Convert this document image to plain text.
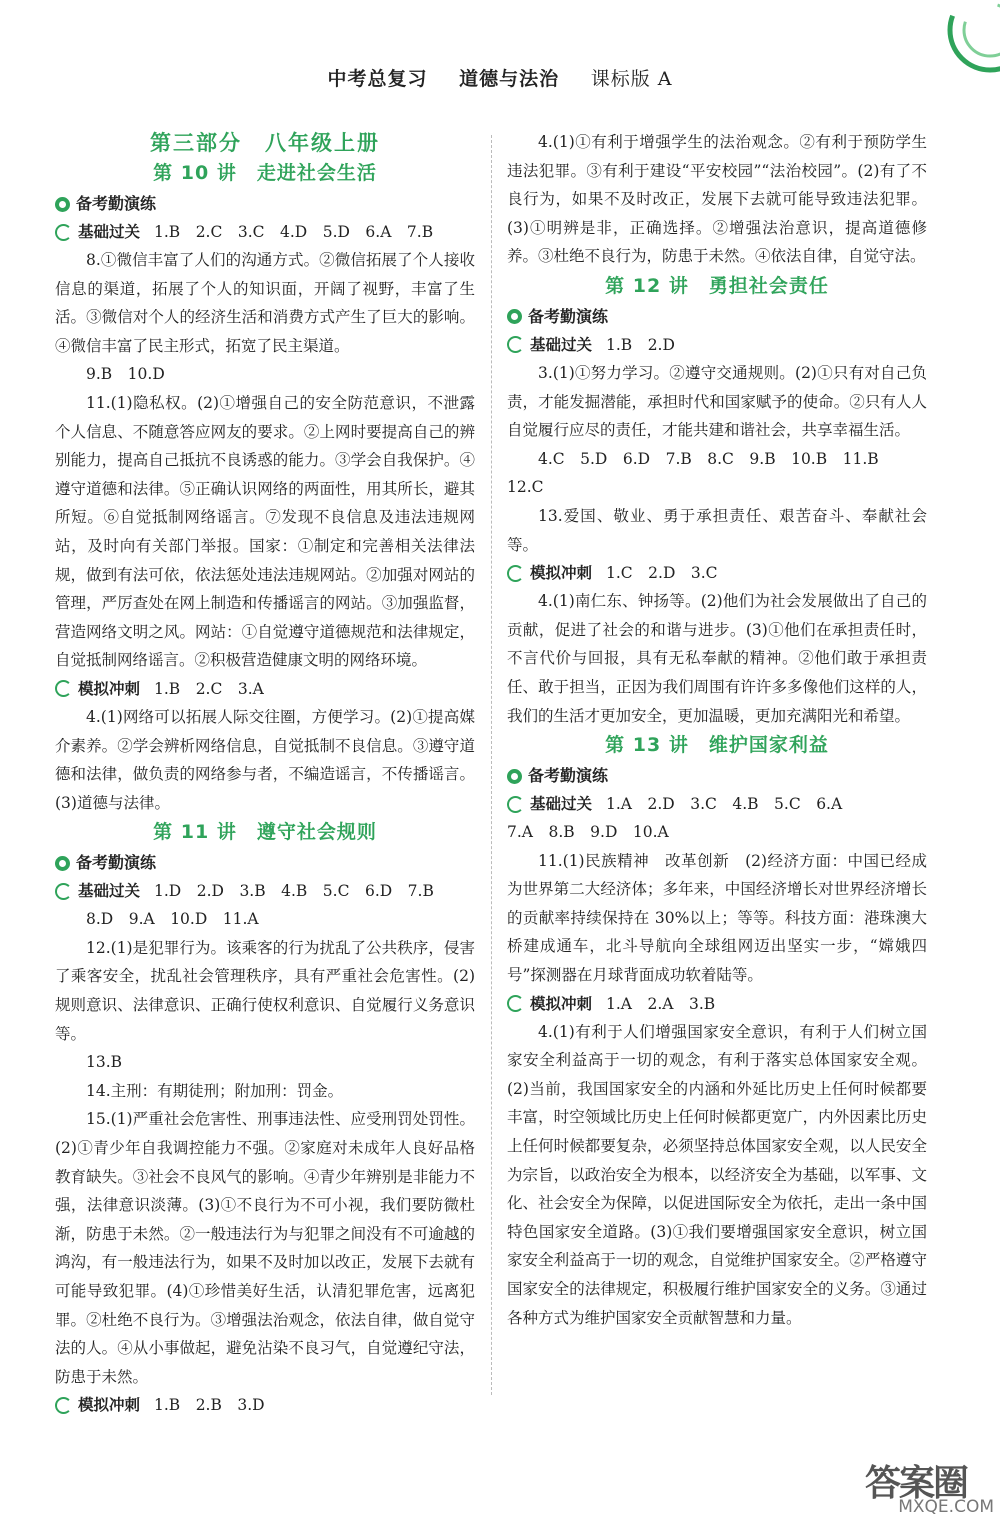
中考总复习 道德与法治 课标版 A
第三部分　八年级上册
第 10 讲　走进社会生活
备考勤演练
基础过关 1.B　2.C　3.C　4.D　5.D　6.A　7.B

8.①微信丰富了人们的沟通方式。②微信拓展了个人接收信息的渠道，拓展了个人的知识面，开阔了视野，丰富了生活。③微信对个人的经济生活和消费方式产生了巨大的影响。④微信丰富了民主形式，拓宽了民主渠道。

9.B　10.D

11.(1)隐私权。(2)①增强自己的安全防范意识，不泄露个人信息、不随意答应网友的要求。②上网时要提高自己的辨别能力，提高自己抵抗不良诱惑的能力。③学会自我保护。④遵守道德和法律。⑤正确认识网络的两面性，用其所长，避其所短。⑥自觉抵制网络谣言。⑦发现不良信息及违法违规网站，及时向有关部门举报。国家：①制定和完善相关法律法规，做到有法可依，依法惩处违法违规网站。②加强对网站的管理，严厉查处在网上制造和传播谣言的网站。③加强监督，营造网络文明之风。网站：①自觉遵守道德规范和法律规定，自觉抵制网络谣言。②积极营造健康文明的网络环境。

模拟冲刺 1.B　2.C　3.A

4.(1)网络可以拓展人际交往圈，方便学习。(2)①提高媒介素养。②学会辨析网络信息，自觉抵制不良信息。③遵守道德和法律，做负责的网络参与者，不编造谣言，不传播谣言。(3)道德与法律。

第 11 讲　遵守社会规则
备考勤演练
基础过关 1.D　2.D　3.B　4.B　5.C　6.D　7.B

8.D　9.A　10.D　11.A

12.(1)是犯罪行为。该乘客的行为扰乱了公共秩序，侵害了乘客安全，扰乱社会管理秩序，具有严重社会危害性。(2)规则意识、法律意识、正确行使权利意识、自觉履行义务意识等。

13.B

14.主刑：有期徒刑；附加刑：罚金。

15.(1)严重社会危害性、刑事违法性、应受刑罚处罚性。(2)①青少年自我调控能力不强。②家庭对未成年人良好品格教育缺失。③社会不良风气的影响。④青少年辨别是非能力不强，法律意识淡薄。(3)①不良行为不可小视，我们要防微杜渐，防患于未然。②一般违法行为与犯罪之间没有不可逾越的鸿沟，有一般违法行为，如果不及时加以改正，发展下去就有可能导致犯罪。(4)①珍惜美好生活，认清犯罪危害，远离犯罪。②杜绝不良行为。③增强法治观念，依法自律，做自觉守法的人。④从小事做起，避免沾染不良习气，自觉遵纪守法，防患于未然。

模拟冲刺 1.B　2.B　3.D

4.(1)①有利于增强学生的法治观念。②有利于预防学生违法犯罪。③有利于建设“平安校园”“法治校园”。(2)有了不良行为，如果不及时改正，发展下去就可能导致违法犯罪。(3)①明辨是非，正确选择。②增强法治意识，提高道德修养。③杜绝不良行为，防患于未然。④依法自律，自觉守法。

第 12 讲　勇担社会责任
备考勤演练
基础过关 1.B　2.D

3.(1)①努力学习。②遵守交通规则。(2)①只有对自己负责，才能发掘潜能，承担时代和国家赋予的使命。②只有人人自觉履行应尽的责任，才能共建和谐社会，共享幸福生活。

4.C　5.D　6.D　7.B　8.C　9.B　10.B　11.B

12.C

13.爱国、敬业、勇于承担责任、艰苦奋斗、奉献社会等。

模拟冲刺 1.C　2.D　3.C

4.(1)南仁东、钟扬等。(2)他们为社会发展做出了自己的贡献，促进了社会的和谐与进步。(3)①他们在承担责任时，不言代价与回报，具有无私奉献的精神。②他们敢于承担责任、敢于担当，正因为我们周围有许许多多像他们这样的人，我们的生活才更加安全，更加温暖，更加充满阳光和希望。

第 13 讲　维护国家利益
备考勤演练
基础过关 1.A　2.D　3.C　4.B　5.C　6.A

7.A　8.B　9.D　10.A

11.(1)民族精神　改革创新　(2)经济方面：中国已经成为世界第二大经济体；多年来，中国经济增长对世界经济增长的贡献率持续保持在 30%以上；等等。科技方面：港珠澳大桥建成通车，北斗导航向全球组网迈出坚实一步，“嫦娥四号”探测器在月球背面成功软着陆等。

模拟冲刺 1.A　2.A　3.B

4.(1)有利于人们增强国家安全意识，有利于人们树立国家安全利益高于一切的观念，有利于落实总体国家安全观。(2)当前，我国国家安全的内涵和外延比历史上任何时候都要丰富，时空领域比历史上任何时候都更宽广，内外因素比历史上任何时候都要复杂，必须坚持总体国家安全观，以人民安全为宗旨，以政治安全为根本，以经济安全为基础，以军事、文化、社会安全为保障，以促进国际安全为依托，走出一条中国特色国家安全道路。(3)①我们要增强国家安全意识，树立国家安全利益高于一切的观念，自觉维护国家安全。②严格遵守国家安全的法律规定，积极履行维护国家安全的义务。③通过各种方式为维护国家安全贡献智慧和力量。

答案圈
MXQE.COM
